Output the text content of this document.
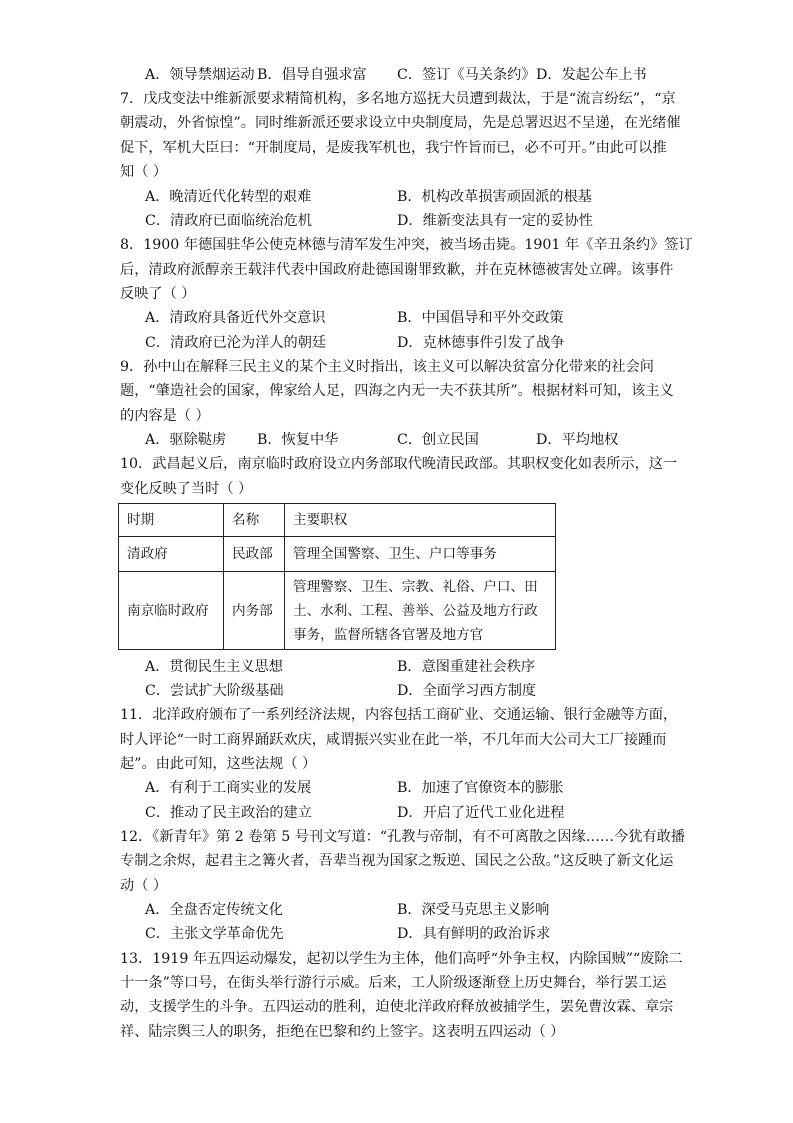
A．领导禁烟运动 B．倡导自强求富 C．签订《马关条约》 D．发起公车上书
7．戊戌变法中维新派要求精简机构，多名地方巡抚大员遭到裁汰，于是“流言纷纭”，“京
朝震动，外省惊惶”。同时维新派还要求设立中央制度局，先是总署迟迟不呈递，在光绪催
促下，军机大臣曰：“开制度局，是废我军机也，我宁忤旨而已，必不可开。”由此可以推
知（ ）
A．晚清近代化转型的艰难	B．机构改革损害顽固派的根基
C．清政府已面临统治危机	D．维新变法具有一定的妥协性
8．1900 年德国驻华公使克林德与清军发生冲突，被当场击毙。1901 年《辛丑条约》签订
后，清政府派醇亲王载沣代表中国政府赴德国谢罪致歉，并在克林德被害处立碑。该事件
反映了（ ）
A．清政府具备近代外交意识	B．中国倡导和平外交政策
C．清政府已沦为洋人的朝廷	D．克林德事件引发了战争
9．孙中山在解释三民主义的某个主义时指出，该主义可以解决贫富分化带来的社会问
题，“肇造社会的国家，俾家给人足，四海之内无一夫不获其所”。根据材料可知，该主义
的内容是（ ）
A．驱除鞑虏 B．恢复中华	C．创立民国	D．平均地权
10．武昌起义后，南京临时政府设立内务部取代晚清民政部。其职权变化如表所示，这一
变化反映了当时（ ）
时期	名称	主要职权
清政府	民政部	管理全国警察、卫生、户口等事务
南京临时政府	内务部	管理警察、卫生、宗教、礼俗、户口、田土、水利、工程、善举、公益及地方行政事务，监督所辖各官署及地方官
A．贯彻民生主义思想	B．意图重建社会秩序
C．尝试扩大阶级基础	D．全面学习西方制度
11．北洋政府颁布了一系列经济法规，内容包括工商矿业、交通运输、银行金融等方面，
时人评论“一时工商界踊跃欢庆，咸谓振兴实业在此一举，不几年而大公司大工厂接踵而
起”。由此可知，这些法规（ ）
A．有利于工商实业的发展	B．加速了官僚资本的膨胀
C．推动了民主政治的建立	D．开启了近代工业化进程
12．《新青年》第 2 卷第 5 号刊文写道：“孔教与帝制，有不可离散之因缘……今犹有敢播
专制之余烬，起君主之篝火者，吾辈当视为国家之叛逆、国民之公敌。”这反映了新文化运
动（ ）
A．全盘否定传统文化	B．深受马克思主义影响
C．主张文学革命优先	D．具有鲜明的政治诉求
13．1919 年五四运动爆发，起初以学生为主体，他们高呼“外争主权，内除国贼”“废除二
十一条”等口号，在街头举行游行示威。后来，工人阶级逐渐登上历史舞台，举行罢工运
动，支援学生的斗争。五四运动的胜利，迫使北洋政府释放被捕学生，罢免曹汝霖、章宗
祥、陆宗舆三人的职务，拒绝在巴黎和约上签字。这表明五四运动（ ）
